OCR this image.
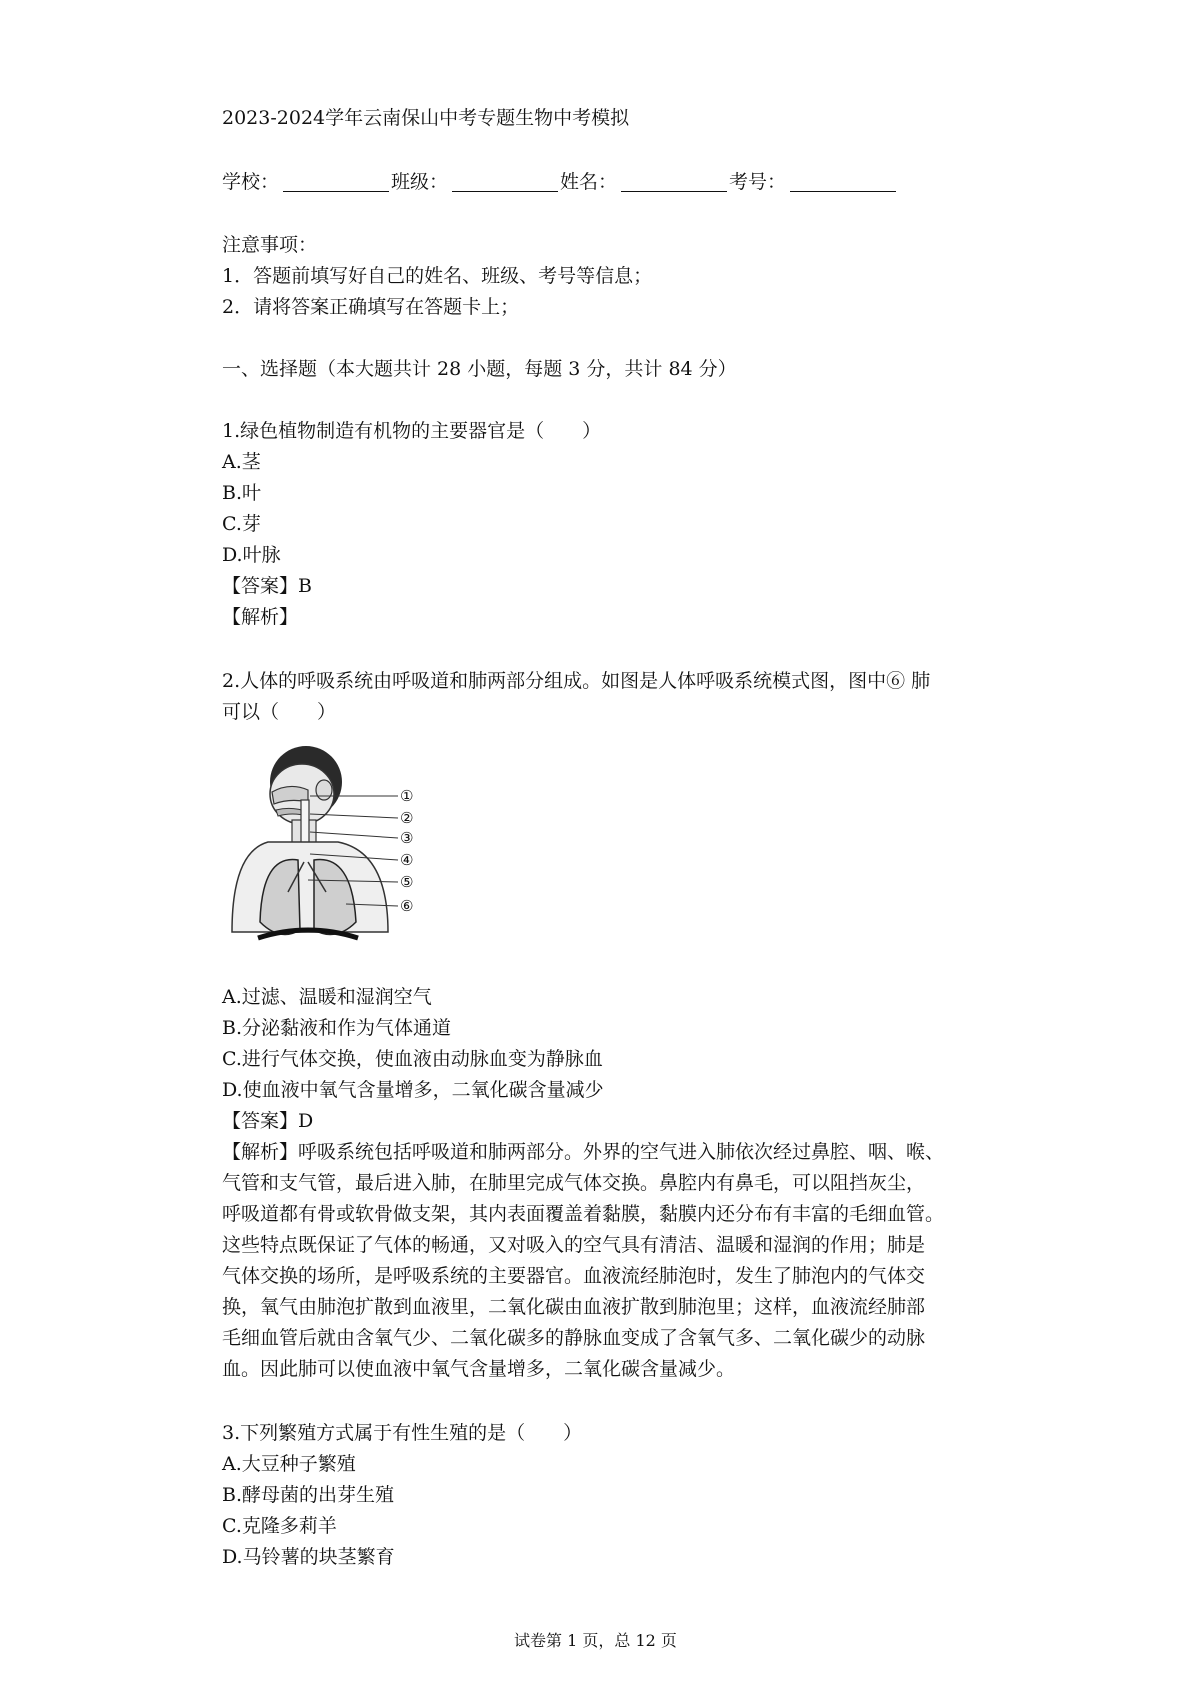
2023-2024学年云南保山中考专题生物中考模拟
学校：	班级：	姓名：	考号：

注意事项：

1．答题前填写好自己的姓名、班级、考号等信息；

2．请将答案正确填写在答题卡上；

一、选择题（本大题共计 28 小题，每题 3 分，共计 84 分）

1.绿色植物制造有机物的主要器官是（　　）

A.茎

B.叶

C.芽

D.叶脉

【答案】B

【解析】

2.人体的呼吸系统由呼吸道和肺两部分组成。如图是人体呼吸系统模式图，图中⑥ 肺

可以（　　）

①
②
③
④
⑤
⑥

A.过滤、温暖和湿润空气

B.分泌黏液和作为气体通道

C.进行气体交换，使血液由动脉血变为静脉血

D.使血液中氧气含量增多，二氧化碳含量减少

【答案】D

【解析】呼吸系统包括呼吸道和肺两部分。外界的空气进入肺依次经过鼻腔、咽、喉、

气管和支气管，最后进入肺，在肺里完成气体交换。鼻腔内有鼻毛，可以阻挡灰尘，

呼吸道都有骨或软骨做支架，其内表面覆盖着黏膜，黏膜内还分布有丰富的毛细血管。

这些特点既保证了气体的畅通，又对吸入的空气具有清洁、温暖和湿润的作用；肺是

气体交换的场所，是呼吸系统的主要器官。血液流经肺泡时，发生了肺泡内的气体交

换，氧气由肺泡扩散到血液里，二氧化碳由血液扩散到肺泡里；这样，血液流经肺部

毛细血管后就由含氧气少、二氧化碳多的静脉血变成了含氧气多、二氧化碳少的动脉

血。因此肺可以使血液中氧气含量增多，二氧化碳含量减少。

3.下列繁殖方式属于有性生殖的是（　　）

A.大豆种子繁殖

B.酵母菌的出芽生殖

C.克隆多莉羊

D.马铃薯的块茎繁育

试卷第 1 页，总 12 页
